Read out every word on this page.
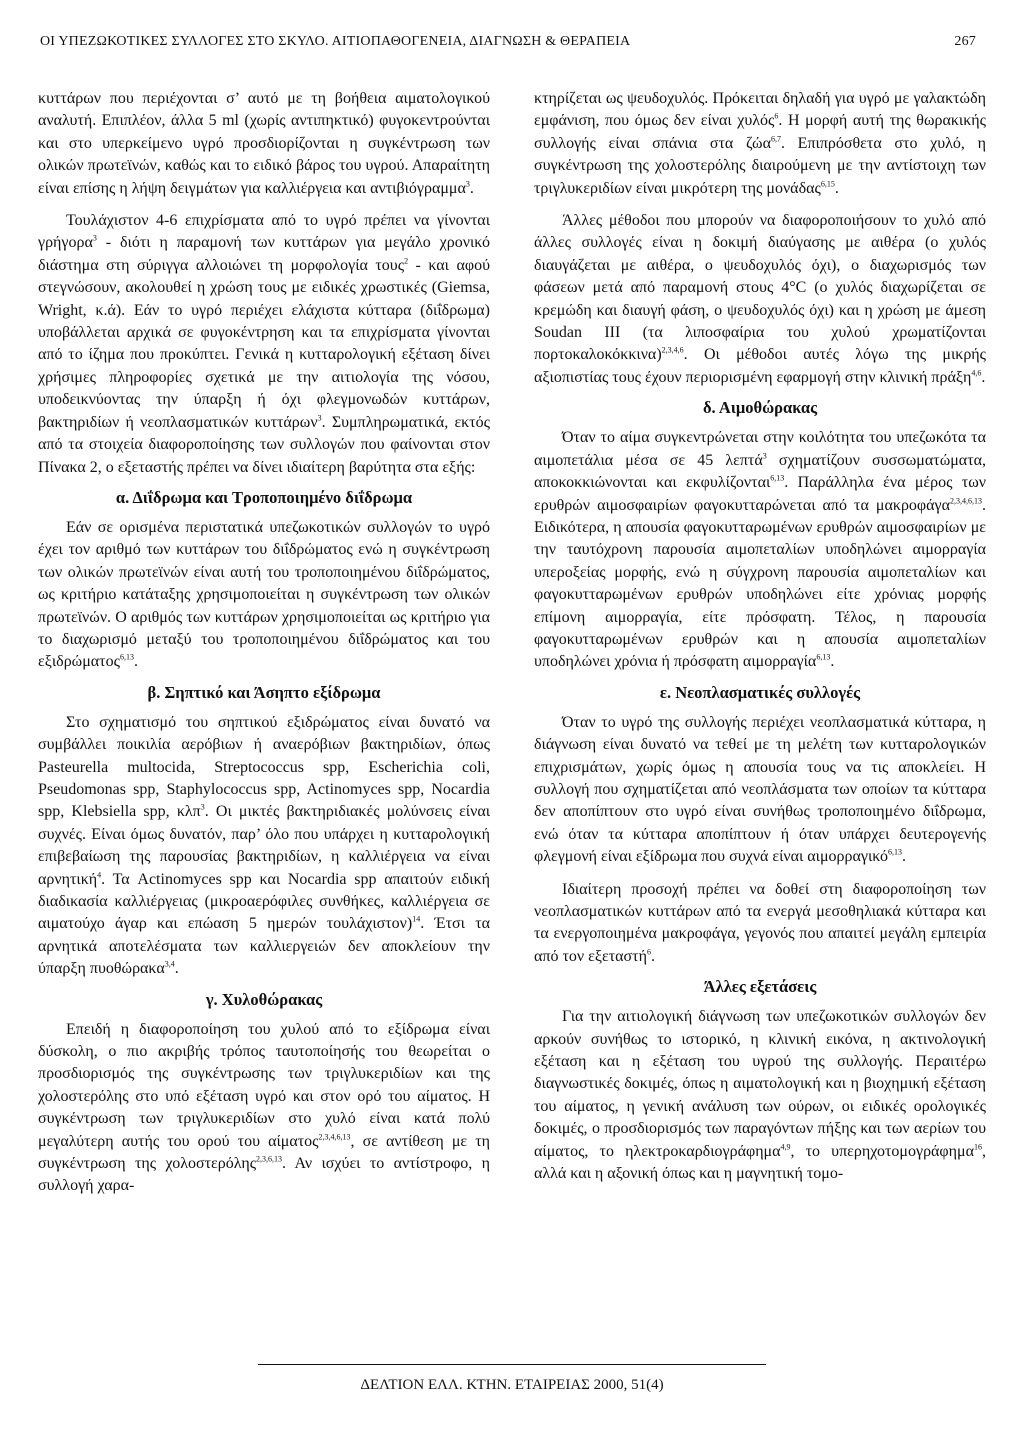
ΟΙ ΥΠΕΖΩΚΟΤΙΚΕΣ ΣΥΛΛΟΓΕΣ ΣΤΟ ΣΚΥΛΟ. ΑΙΤΙΟΠΑΘΟΓΕΝΕΙΑ, ΔΙΑΓΝΩΣΗ & ΘΕΡΑΠΕΙΑ	267

κυττάρων που περιέχονται σ’ αυτό με τη βοήθεια αιματολογικού αναλυτή. Επιπλέον, άλλα 5 ml (χωρίς αντιπηκτικό) φυγοκεντρούνται και στο υπερκείμενο υγρό προσδιορίζονται η συγκέντρωση των ολικών πρωτεϊνών, καθώς και το ειδικό βάρος του υγρού. Απαραίτητη είναι επίσης η λήψη δειγμάτων για καλλιέργεια και αντιβιόγραμμα$^3$.

Τουλάχιστον 4-6 επιχρίσματα από το υγρό πρέπει να γίνονται γρήγορα$^3$ - διότι η παραμονή των κυττάρων για μεγάλο χρονικό διάστημα στη σύριγγα αλλοιώνει τη μορφολογία τους$^2$ - και αφού στεγνώσουν, ακολουθεί η χρώση τους με ειδικές χρωστικές (Giemsa, Wright, κ.ά). Εάν το υγρό περιέχει ελάχιστα κύτταρα (διΐδρωμα) υποβάλλεται αρχικά σε φυγοκέντρηση και τα επιχρίσματα γίνονται από το ίζημα που προκύπτει. Γενικά η κυτταρολογική εξέταση δίνει χρήσιμες πληροφορίες σχετικά με την αιτιολογία της νόσου, υποδεικνύοντας την ύπαρξη ή όχι φλεγμονωδών κυττάρων, βακτηριδίων ή νεοπλασματικών κυττάρων$^3$. Συμπληρωματικά, εκτός από τα στοιχεία διαφοροποίησης των συλλογών που φαίνονται στον Πίνακα 2, ο εξεταστής πρέπει να δίνει ιδιαίτερη βαρύτητα στα εξής:

α. Διΐδρωμα και Τροποποιημένο διΐδρωμα

Εάν σε ορισμένα περιστατικά υπεζωκοτικών συλλογών το υγρό έχει τον αριθμό των κυττάρων του διΐδρώματος ενώ η συγκέντρωση των ολικών πρωτεϊνών είναι αυτή του τροποποιημένου διΐδρώματος, ως κριτήριο κατάταξης χρησιμοποιείται η συγκέντρωση των ολικών πρωτεϊνών. Ο αριθμός των κυττάρων χρησιμοποιείται ως κριτήριο για το διαχωρισμό μεταξύ του τροποποιημένου διΐδρώματος και του εξιδρώματος$^{6,13}$.

β. Σηπτικό και Άσηπτο εξίδρωμα

Στο σχηματισμό του σηπτικού εξιδρώματος είναι δυνατό να συμβάλλει ποικιλία αερόβιων ή αναερόβιων βακτηριδίων, όπως Pasteurella multocida, Streptococcus spp, Escherichia coli, Pseudomonas spp, Staphylococcus spp, Actinomyces spp, Nocardia spp, Klebsiella spp, κλπ$^3$. Οι μικτές βακτηριδιακές μολύνσεις είναι συχνές. Είναι όμως δυνατόν, παρ’ όλο που υπάρχει η κυτταρολογική επιβεβαίωση της παρουσίας βακτηριδίων, η καλλιέργεια να είναι αρνητική$^4$. Τα Actinomyces spp και Nocardia spp απαιτούν ειδική διαδικασία καλλιέργειας (μικροαερόφιλες συνθήκες, καλλιέργεια σε αιματούχο άγαρ και επώαση 5 ημερών τουλάχιστον)$^{14}$. Έτσι τα αρνητικά αποτελέσματα των καλλιεργειών δεν αποκλείουν την ύπαρξη πυοθώρακα$^{3,4}$.

γ. Χυλοθώρακας

Επειδή η διαφοροποίηση του χυλού από το εξίδρωμα είναι δύσκολη, ο πιο ακριβής τρόπος ταυτοποίησής του θεωρείται ο προσδιορισμός της συγκέντρωσης των τριγλυκεριδίων και της χολοστερόλης στο υπό εξέταση υγρό και στον ορό του αίματος. Η συγκέντρωση των τριγλυκεριδίων στο χυλό είναι κατά πολύ μεγαλύτερη αυτής του ορού του αίματος$^{2,3,4,6,13}$, σε αντίθεση με τη συγκέντρωση της χολοστερόλης$^{2,3,6,13}$. Αν ισχύει το αντίστροφο, η συλλογή χαρα-

κτηρίζεται ως ψευδοχυλός. Πρόκειται δηλαδή για υγρό με γαλακτώδη εμφάνιση, που όμως δεν είναι χυλός$^6$. Η μορφή αυτή της θωρακικής συλλογής είναι σπάνια στα ζώα$^{6,7}$. Επιπρόσθετα στο χυλό, η συγκέντρωση της χολοστερόλης διαιρούμενη με την αντίστοιχη των τριγλυκεριδίων είναι μικρότερη της μονάδας$^{6,15}$.

Άλλες μέθοδοι που μπορούν να διαφοροποιήσουν το χυλό από άλλες συλλογές είναι η δοκιμή διαύγασης με αιθέρα (ο χυλός διαυγάζεται με αιθέρα, ο ψευδοχυλός όχι), ο διαχωρισμός των φάσεων μετά από παραμονή στους 4°C (ο χυλός διαχωρίζεται σε κρεμώδη και διαυγή φάση, ο ψευδοχυλός όχι) και η χρώση με άμεση Soudan III (τα λιποσφαίρια του χυλού χρωματίζονται πορτοκαλοκόκκινα)$^{2,3,4,6}$. Οι μέθοδοι αυτές λόγω της μικρής αξιοπιστίας τους έχουν περιορισμένη εφαρμογή στην κλινική πράξη$^{4,6}$.

δ. Αιμοθώρακας

Όταν το αίμα συγκεντρώνεται στην κοιλότητα του υπεζωκότα τα αιμοπετάλια μέσα σε 45 λεπτά$^3$ σχηματίζουν συσσωματώματα, αποκοκκιώνονται και εκφυλίζονται$^{6,13}$. Παράλληλα ένα μέρος των ερυθρών αιμοσφαιρίων φαγοκυτταρώνεται από τα μακροφάγα$^{2,3,4,6,13}$. Ειδικότερα, η απουσία φαγοκυτταρωμένων ερυθρών αιμοσφαιρίων με την ταυτόχρονη παρουσία αιμοπεταλίων υποδηλώνει αιμορραγία υπεροξείας μορφής, ενώ η σύγχρονη παρουσία αιμοπεταλίων και φαγοκυτταρωμένων ερυθρών υποδηλώνει είτε χρόνιας μορφής επίμονη αιμορραγία, είτε πρόσφατη. Τέλος, η παρουσία φαγοκυτταρωμένων ερυθρών και η απουσία αιμοπεταλίων υποδηλώνει χρόνια ή πρόσφατη αιμορραγία$^{6,13}$.

ε. Νεοπλασματικές συλλογές

Όταν το υγρό της συλλογής περιέχει νεοπλασματικά κύτταρα, η διάγνωση είναι δυνατό να τεθεί με τη μελέτη των κυτταρολογικών επιχρισμάτων, χωρίς όμως η απουσία τους να τις αποκλείει. Η συλλογή που σχηματίζεται από νεοπλάσματα των οποίων τα κύτταρα δεν αποπίπτουν στο υγρό είναι συνήθως τροποποιημένο διΐδρωμα, ενώ όταν τα κύτταρα αποπίπτουν ή όταν υπάρχει δευτερογενής φλεγμονή είναι εξίδρωμα που συχνά είναι αιμορραγικό$^{6,13}$.

Ιδιαίτερη προσοχή πρέπει να δοθεί στη διαφοροποίηση των νεοπλασματικών κυττάρων από τα ενεργά μεσοθηλιακά κύτταρα και τα ενεργοποιημένα μακροφάγα, γεγονός που απαιτεί μεγάλη εμπειρία από τον εξεταστή$^6$.

Άλλες εξετάσεις

Για την αιτιολογική διάγνωση των υπεζωκοτικών συλλογών δεν αρκούν συνήθως το ιστορικό, η κλινική εικόνα, η ακτινολογική εξέταση και η εξέταση του υγρού της συλλογής. Περαιτέρω διαγνωστικές δοκιμές, όπως η αιματολογική και η βιοχημική εξέταση του αίματος, η γενική ανάλυση των ούρων, οι ειδικές ορολογικές δοκιμές, ο προσδιορισμός των παραγόντων πήξης και των αερίων του αίματος, το ηλεκτροκαρδιογράφημα$^{4,9}$, το υπερηχοτομογράφημα$^{16}$, αλλά και η αξονική όπως και η μαγνητική τομο-

ΔΕΛΤΙΟΝ ΕΛΛ. ΚΤΗΝ. ΕΤΑΙΡΕΙΑΣ 2000, 51(4)
